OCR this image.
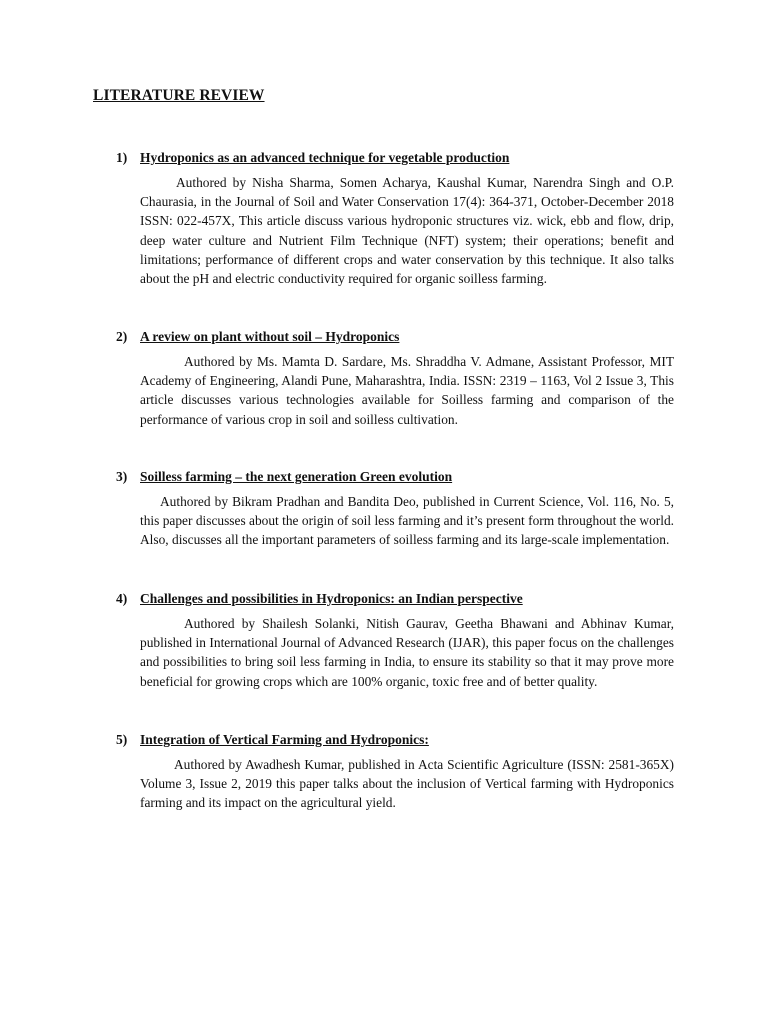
LITERATURE REVIEW
1) Hydroponics as an advanced technique for vegetable production

Authored by Nisha Sharma, Somen Acharya, Kaushal Kumar, Narendra Singh and O.P. Chaurasia, in the Journal of Soil and Water Conservation 17(4): 364-371, October-December 2018 ISSN: 022-457X, This article discuss various hydroponic structures viz. wick, ebb and flow, drip, deep water culture and Nutrient Film Technique (NFT) system; their operations; benefit and limitations; performance of different crops and water conservation by this technique. It also talks about the pH and electric conductivity required for organic soilless farming.

2) A review on plant without soil – Hydroponics

Authored by Ms. Mamta D. Sardare, Ms. Shraddha V. Admane, Assistant Professor, MIT Academy of Engineering, Alandi Pune, Maharashtra, India. ISSN: 2319 – 1163, Vol 2 Issue 3, This article discusses various technologies available for Soilless farming and comparison of the performance of various crop in soil and soilless cultivation.

3) Soilless farming – the next generation Green evolution

Authored by Bikram Pradhan and Bandita Deo, published in Current Science, Vol. 116, No. 5, this paper discusses about the origin of soil less farming and it’s present form throughout the world. Also, discusses all the important parameters of soilless farming and its large-scale implementation.

4) Challenges and possibilities in Hydroponics: an Indian perspective

Authored by Shailesh Solanki, Nitish Gaurav, Geetha Bhawani and Abhinav Kumar, published in International Journal of Advanced Research (IJAR), this paper focus on the challenges and possibilities to bring soil less farming in India, to ensure its stability so that it may prove more beneficial for growing crops which are 100% organic, toxic free and of better quality.

5) Integration of Vertical Farming and Hydroponics:

Authored by Awadhesh Kumar, published in Acta Scientific Agriculture (ISSN: 2581-365X) Volume 3, Issue 2, 2019 this paper talks about the inclusion of Vertical farming with Hydroponics farming and its impact on the agricultural yield.
